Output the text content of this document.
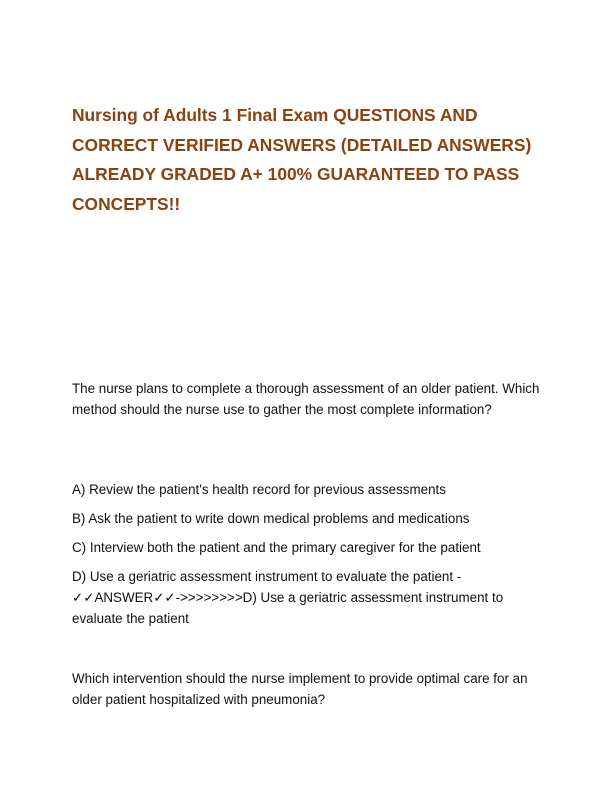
Nursing of Adults 1 Final Exam QUESTIONS AND CORRECT VERIFIED ANSWERS (DETAILED ANSWERS) ALREADY GRADED A+ 100% GUARANTEED TO PASS CONCEPTS!!

The nurse plans to complete a thorough assessment of an older patient. Which method should the nurse use to gather the most complete information?

A) Review the patient's health record for previous assessments

B) Ask the patient to write down medical problems and medications

C) Interview both the patient and the primary caregiver for the patient

D) Use a geriatric assessment instrument to evaluate the patient - ✓✓ANSWER✓✓->>>>>>>>D) Use a geriatric assessment instrument to evaluate the patient

Which intervention should the nurse implement to provide optimal care for an older patient hospitalized with pneumonia?
